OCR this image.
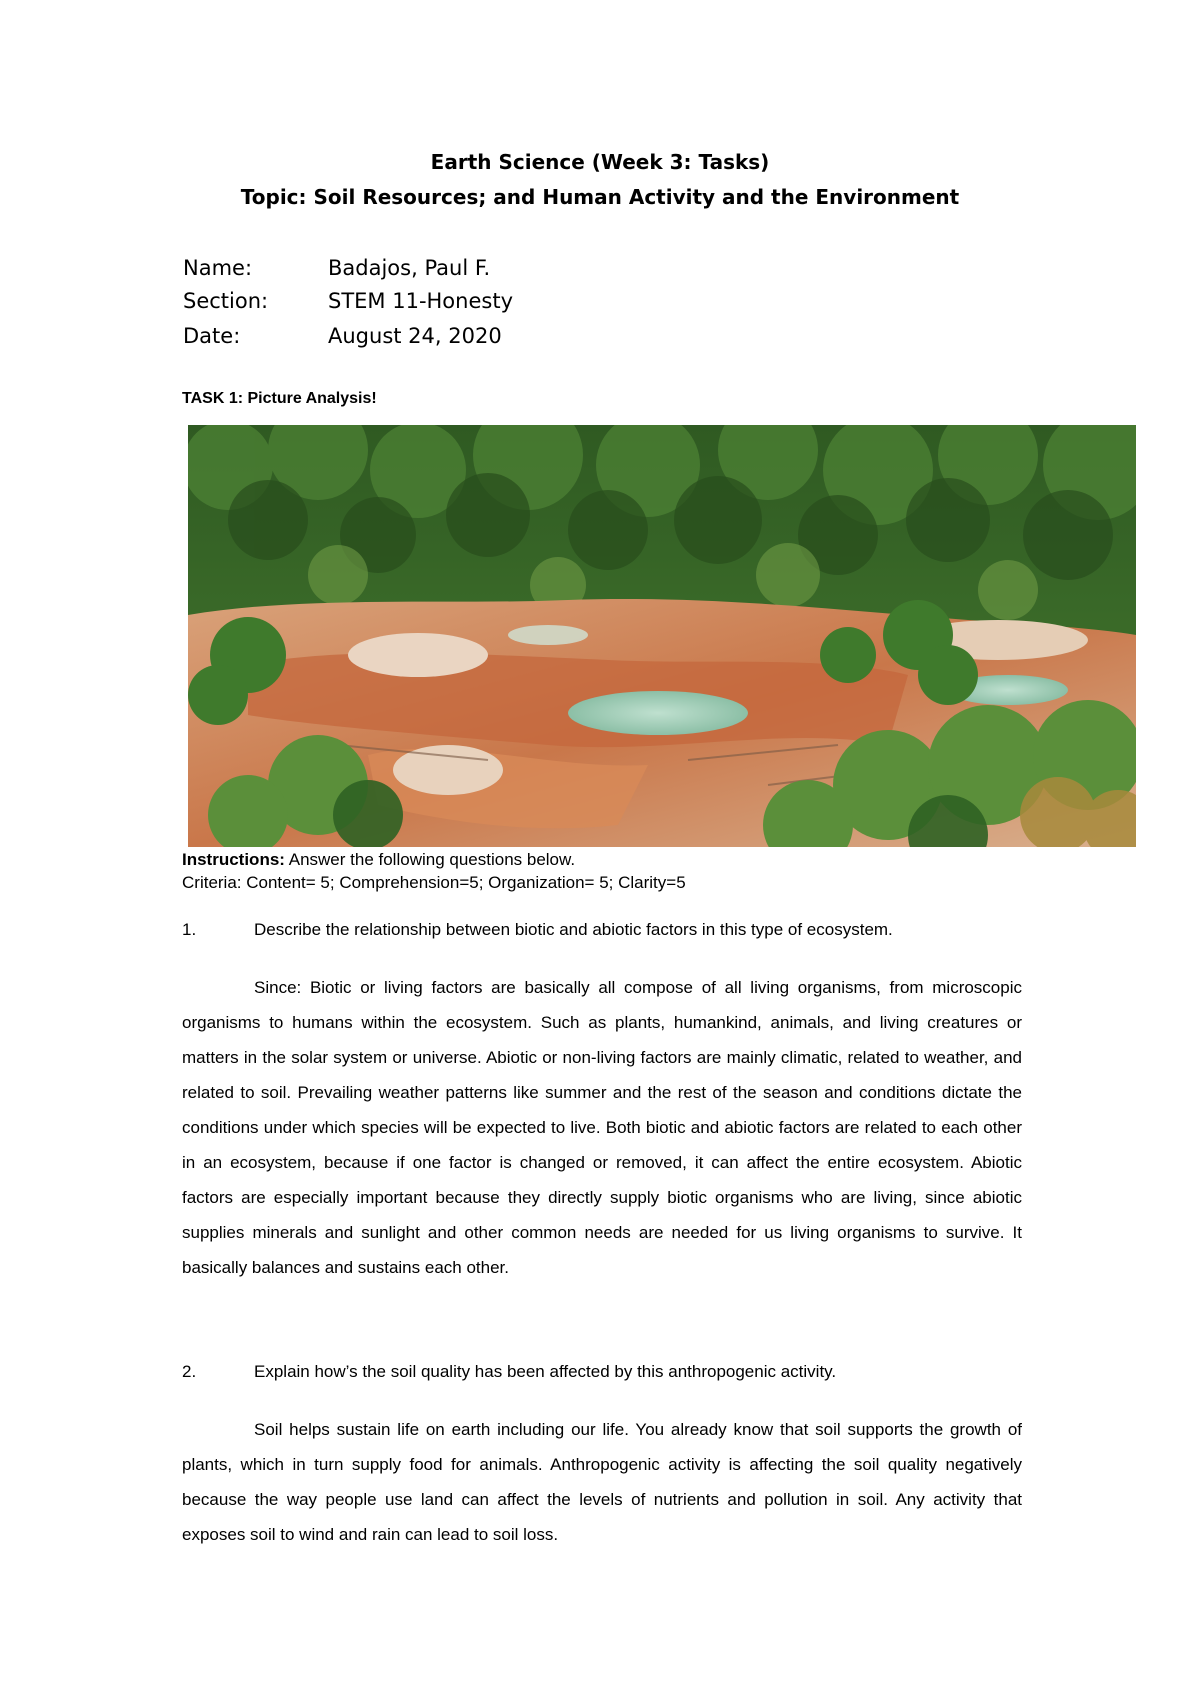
Earth Science (Week 3: Tasks)
Topic: Soil Resources; and Human Activity and the Environment
Name:	Badajos, Paul F.
Section:	STEM 11-Honesty
Date:	August 24, 2020
TASK 1: Picture Analysis!
Instructions: Answer the following questions below.
Criteria: Content= 5; Comprehension=5; Organization= 5; Clarity=5
1.	Describe the relationship between biotic and abiotic factors in this type of ecosystem.
Since: Biotic or living factors are basically all compose of all living organisms, from microscopic organisms to humans within the ecosystem. Such as plants, humankind, animals, and living creatures or matters in the solar system or universe. Abiotic or non-living factors are mainly climatic, related to weather, and related to soil. Prevailing weather patterns like summer and the rest of the season and conditions dictate the conditions under which species will be expected to live. Both biotic and abiotic factors are related to each other in an ecosystem, because if one factor is changed or removed, it can affect the entire ecosystem. Abiotic factors are especially important because they directly supply biotic organisms who are living, since abiotic supplies minerals and sunlight and other common needs are needed for us living organisms to survive. It basically balances and sustains each other.
2.	Explain how’s the soil quality has been affected by this anthropogenic activity.
Soil helps sustain life on earth including our life. You already know that soil supports the growth of plants, which in turn supply food for animals. Anthropogenic activity is affecting the soil quality negatively because the way people use land can affect the levels of nutrients and pollution in soil. Any activity that exposes soil to wind and rain can lead to soil loss.
